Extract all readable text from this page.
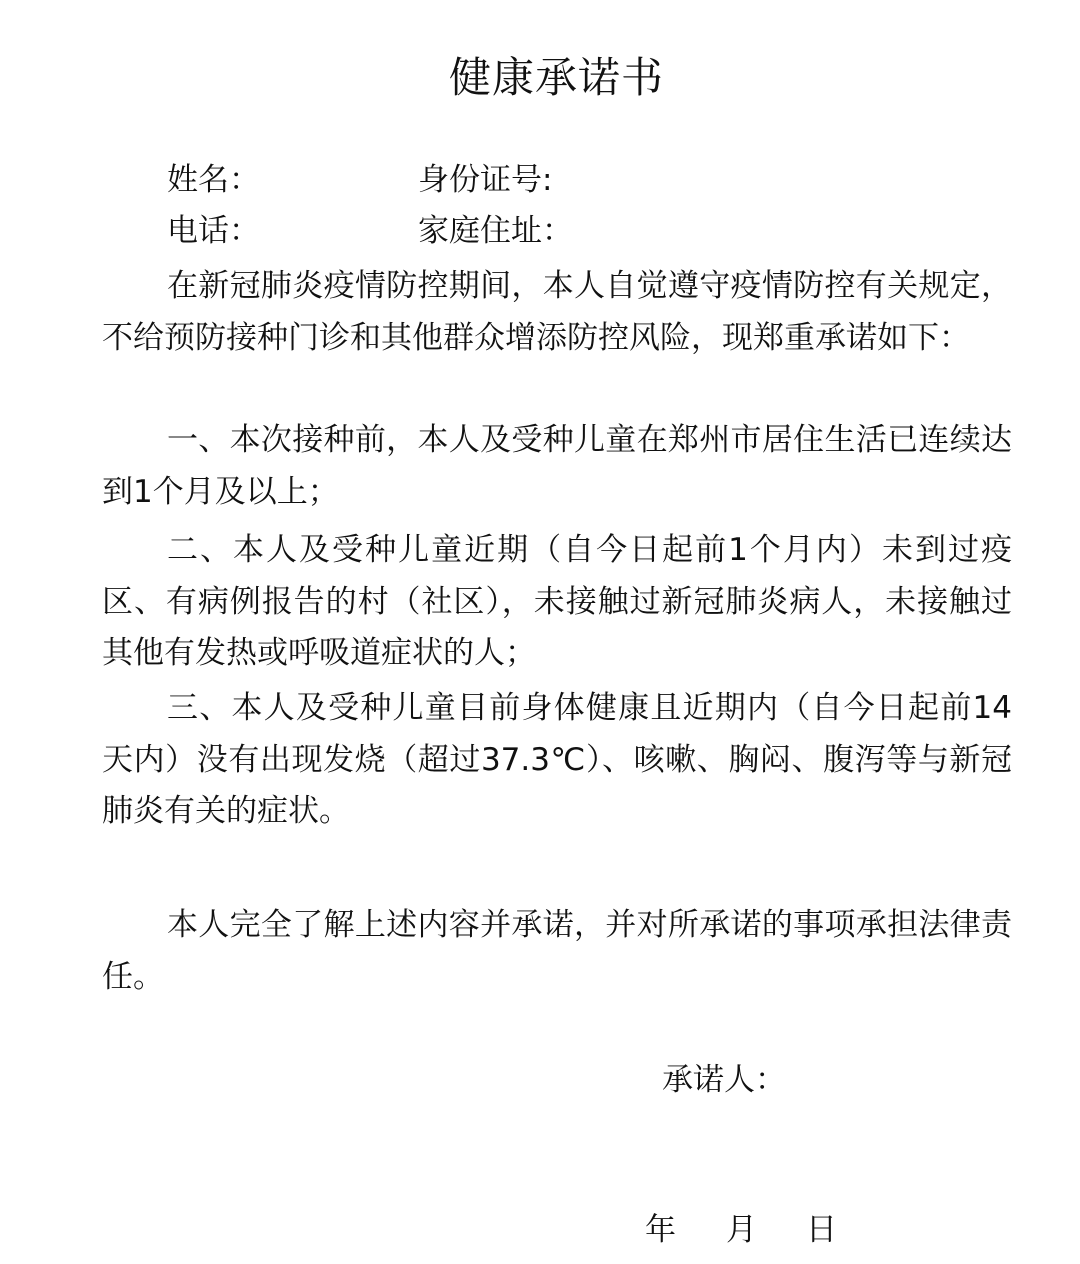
健康承诺书
姓名：	身份证号:
电话：	家庭住址：

在新冠肺炎疫情防控期间，本人自觉遵守疫情防控有关规定，不给预防接种门诊和其他群众增添防控风险，现郑重承诺如下：

一、本次接种前，本人及受种儿童在郑州市居住生活已连续达到1个月及以上；

二、本人及受种儿童近期（自今日起前1个月内）未到过疫区、有病例报告的村（社区），未接触过新冠肺炎病人，未接触过其他有发热或呼吸道症状的人；

三、本人及受种儿童目前身体健康且近期内（自今日起前14天内）没有出现发烧（超过37.3℃）、咳嗽、胸闷、腹泻等与新冠肺炎有关的症状。

本人完全了解上述内容并承诺，并对所承诺的事项承担法律责任。

承诺人：
年 月 日
